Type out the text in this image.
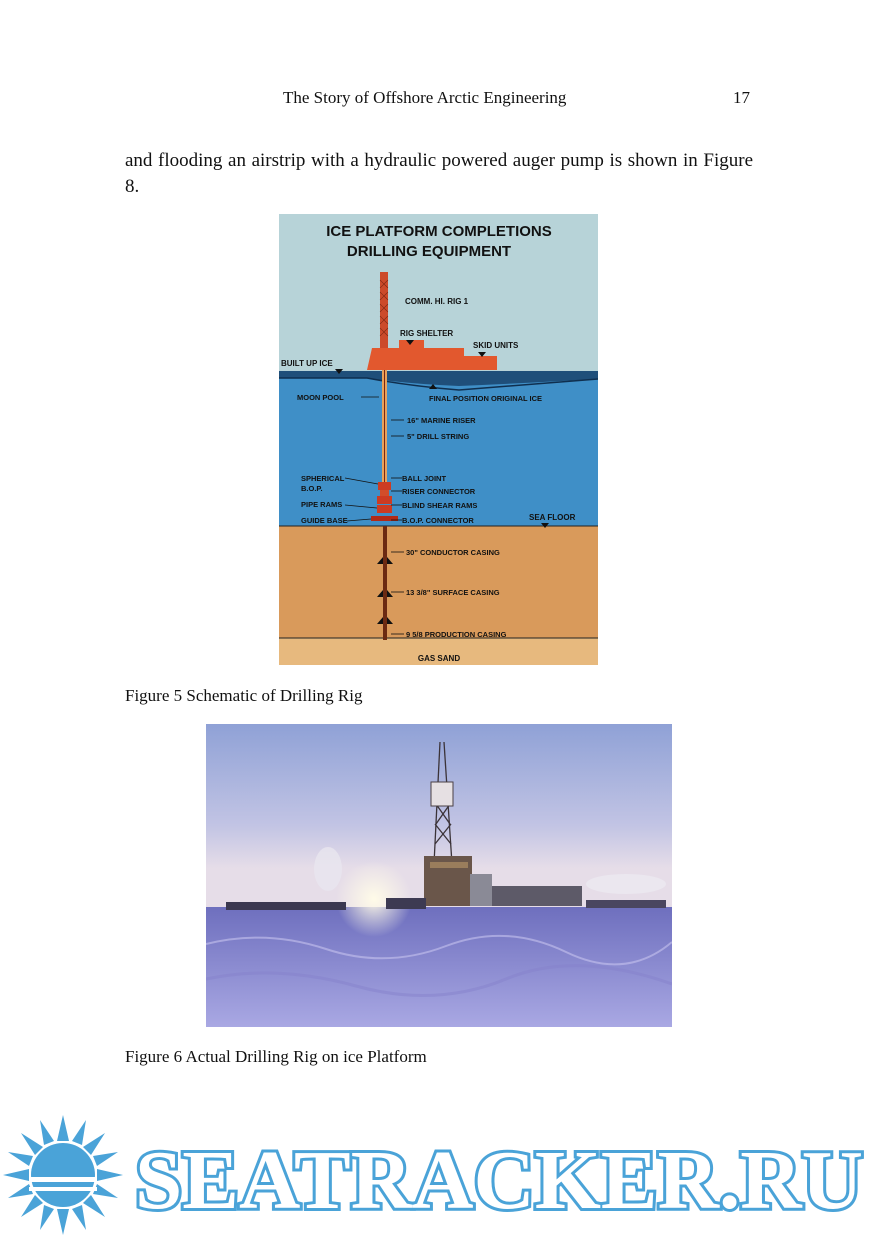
The Story of Offshore Arctic Engineering	17
and flooding an airstrip with a hydraulic powered auger pump is shown in Figure 8.
ICE PLATFORM COMPLETIONS
DRILLING EQUIPMENT
COMM. HI. RIG 1
RIG SHELTER
SKID UNITS
BUILT UP ICE
16" MARINE RISER
5" DRILL STRING
BALL JOINT
RISER CONNECTOR
BLIND SHEAR RAMS
B.O.P. CONNECTOR
30" CONDUCTOR CASING
13 3/8" SURFACE CASING
9 5/8 PRODUCTION CASING
MOON POOL	FINAL POSITION ORIGINAL ICE
SEA FLOOR
SPHERICAL
B.O.P.
PIPE RAMS
GUIDE BASE
GAS SAND
Figure 5 Schematic of Drilling Rig
Figure 6 Actual Drilling Rig on ice Platform
SEATRACKER.RU
